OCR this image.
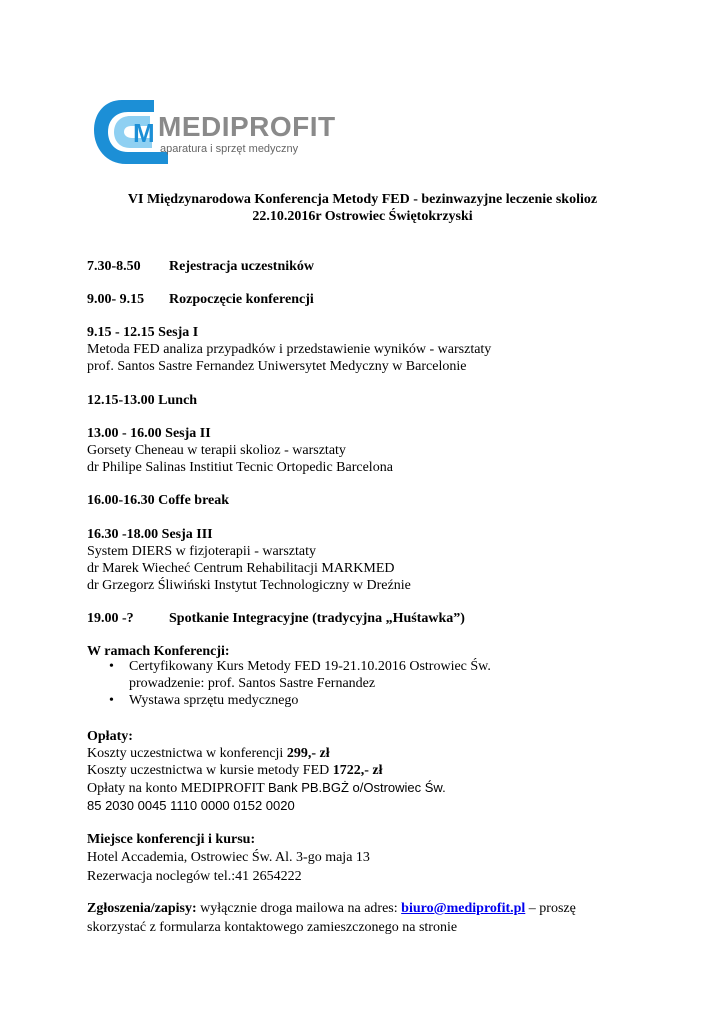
M MEDIPROFIT
aparatura i sprzęt medyczny
VI Międzynarodowa Konferencja Metody FED - bezinwazyjne leczenie skolioz
22.10.2016r Ostrowiec Świętokrzyski
7.30-8.50 Rejestracja uczestników
9.00- 9.15 Rozpoczęcie konferencji
9.15 - 12.15 Sesja I
Metoda FED analiza przypadków i przedstawienie wyników - warsztaty
prof. Santos Sastre Fernandez Uniwersytet Medyczny w Barcelonie
12.15-13.00 Lunch
13.00 - 16.00 Sesja II
Gorsety Cheneau w terapii skolioz - warsztaty
dr Philipe Salinas Institiut Tecnic Ortopedic Barcelona
16.00-16.30 Coffe break
16.30 -18.00 Sesja III
System DIERS w fizjoterapii - warsztaty
dr Marek Wiecheć Centrum Rehabilitacji MARKMED
dr Grzegorz Śliwiński Instytut Technologiczny w Dreźnie
19.00 -?	Spotkanie Integracyjne (tradycyjna „Huśtawka”)
W ramach Konferencji:
• Certyfikowany Kurs Metody FED 19-21.10.2016 Ostrowiec Św.
prowadzenie: prof. Santos Sastre Fernandez
• Wystawa sprzętu medycznego
Opłaty:
Koszty uczestnictwa w konferencji 299,- zł
Koszty uczestnictwa w kursie metody FED 1722,- zł
Opłaty na konto MEDIPROFIT Bank PB.BGŻ o/Ostrowiec Św.
85 2030 0045 1110 0000 0152 0020
Miejsce konferencji i kursu:
Hotel Accademia, Ostrowiec Św. Al. 3-go maja 13
Rezerwacja noclegów tel.:41 2654222
Zgłoszenia/zapisy: wyłącznie droga mailowa na adres: biuro@mediprofit.pl – proszę
skorzystać z formularza kontaktowego zamieszczonego na stronie
